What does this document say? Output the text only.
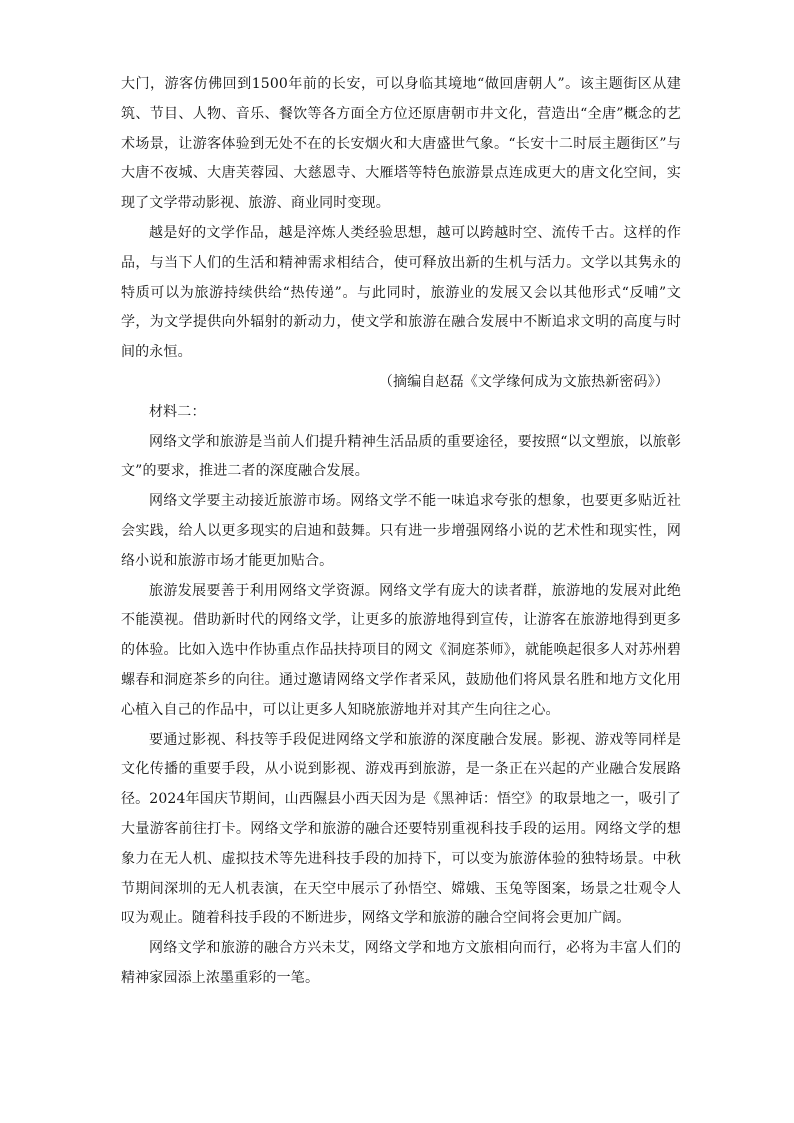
大门，游客仿佛回到1500年前的长安，可以身临其境地“做回唐朝人”。该主题街区从建筑、节目、人物、音乐、餐饮等各方面全方位还原唐朝市井文化，营造出“全唐”概念的艺术场景，让游客体验到无处不在的长安烟火和大唐盛世气象。“长安十二时辰主题街区”与大唐不夜城、大唐芙蓉园、大慈恩寺、大雁塔等特色旅游景点连成更大的唐文化空间，实现了文学带动影视、旅游、商业同时变现。

越是好的文学作品，越是淬炼人类经验思想，越可以跨越时空、流传千古。这样的作品，与当下人们的生活和精神需求相结合，使可释放出新的生机与活力。文学以其隽永的特质可以为旅游持续供给“热传递”。与此同时，旅游业的发展又会以其他形式“反哺”文学，为文学提供向外辐射的新动力，使文学和旅游在融合发展中不断追求文明的高度与时间的永恒。

（摘编自赵磊《文学缘何成为文旅热新密码》）

材料二：

网络文学和旅游是当前人们提升精神生活品质的重要途径，要按照“以文塑旅，以旅彰文”的要求，推进二者的深度融合发展。

网络文学要主动接近旅游市场。网络文学不能一味追求夸张的想象，也要更多贴近社会实践，给人以更多现实的启迪和鼓舞。只有进一步增强网络小说的艺术性和现实性，网络小说和旅游市场才能更加贴合。

旅游发展要善于利用网络文学资源。网络文学有庞大的读者群，旅游地的发展对此绝不能漠视。借助新时代的网络文学，让更多的旅游地得到宣传，让游客在旅游地得到更多的体验。比如入选中作协重点作品扶持项目的网文《洞庭茶师》，就能唤起很多人对苏州碧螺春和洞庭茶乡的向往。通过邀请网络文学作者采风，鼓励他们将风景名胜和地方文化用心植入自己的作品中，可以让更多人知晓旅游地并对其产生向往之心。

要通过影视、科技等手段促进网络文学和旅游的深度融合发展。影视、游戏等同样是文化传播的重要手段，从小说到影视、游戏再到旅游，是一条正在兴起的产业融合发展路径。2024年国庆节期间，山西隰县小西天因为是《黑神话：悟空》的取景地之一，吸引了大量游客前往打卡。网络文学和旅游的融合还要特别重视科技手段的运用。网络文学的想象力在无人机、虚拟技术等先进科技手段的加持下，可以变为旅游体验的独特场景。中秋节期间深圳的无人机表演，在天空中展示了孙悟空、嫦娥、玉兔等图案，场景之壮观令人叹为观止。随着科技手段的不断进步，网络文学和旅游的融合空间将会更加广阔。

网络文学和旅游的融合方兴未艾，网络文学和地方文旅相向而行，必将为丰富人们的精神家园添上浓墨重彩的一笔。
